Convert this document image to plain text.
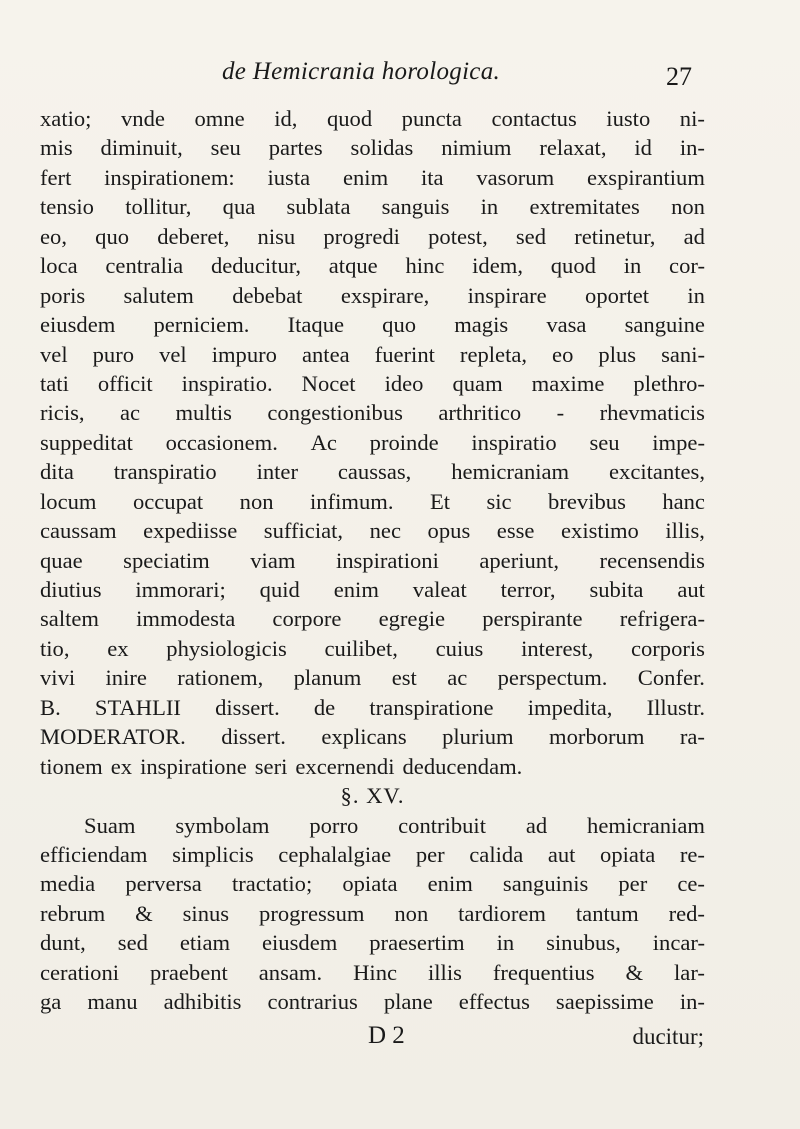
de Hemicrania horologica.	27
xatio; vnde omne id, quod puncta contactus iusto ni-
mis diminuit, seu partes solidas nimium relaxat, id in-
fert inspirationem: iusta enim ita vasorum exspirantium
tensio tollitur, qua sublata sanguis in extremitates non
eo, quo deberet, nisu progredi potest, sed retinetur, ad
loca centralia deducitur, atque hinc idem, quod in cor-
poris salutem debebat exspirare, inspirare oportet in
eiusdem perniciem. Itaque quo magis vasa sanguine
vel puro vel impuro antea fuerint repleta, eo plus sani-
tati officit inspiratio. Nocet ideo quam maxime plethro-
ricis, ac multis congestionibus arthritico - rhevmaticis
suppeditat occasionem. Ac proinde inspiratio seu impe-
dita transpiratio inter caussas, hemicraniam excitantes,
locum occupat non infimum. Et sic brevibus hanc
caussam expediisse sufficiat, nec opus esse existimo illis,
quae speciatim viam inspirationi aperiunt, recensendis
diutius immorari; quid enim valeat terror, subita aut
saltem immodesta corpore egregie perspirante refrigera-
tio, ex physiologicis cuilibet, cuius interest, corporis
vivi inire rationem, planum est ac perspectum. Confer.
B. STAHLII dissert. de transpiratione impedita, Illustr.
MODERATOR. dissert. explicans plurium morborum ra-
tionem ex inspiratione seri excernendi deducendam.
§. XV.
Suam symbolam porro contribuit ad hemicraniam
efficiendam simplicis cephalalgiae per calida aut opiata re-
media perversa tractatio; opiata enim sanguinis per ce-
rebrum & sinus progressum non tardiorem tantum red-
dunt, sed etiam eiusdem praesertim in sinubus, incar-
cerationi praebent ansam. Hinc illis frequentius & lar-
ga manu adhibitis contrarius plane effectus saepissime in-
D 2	ducitur;
